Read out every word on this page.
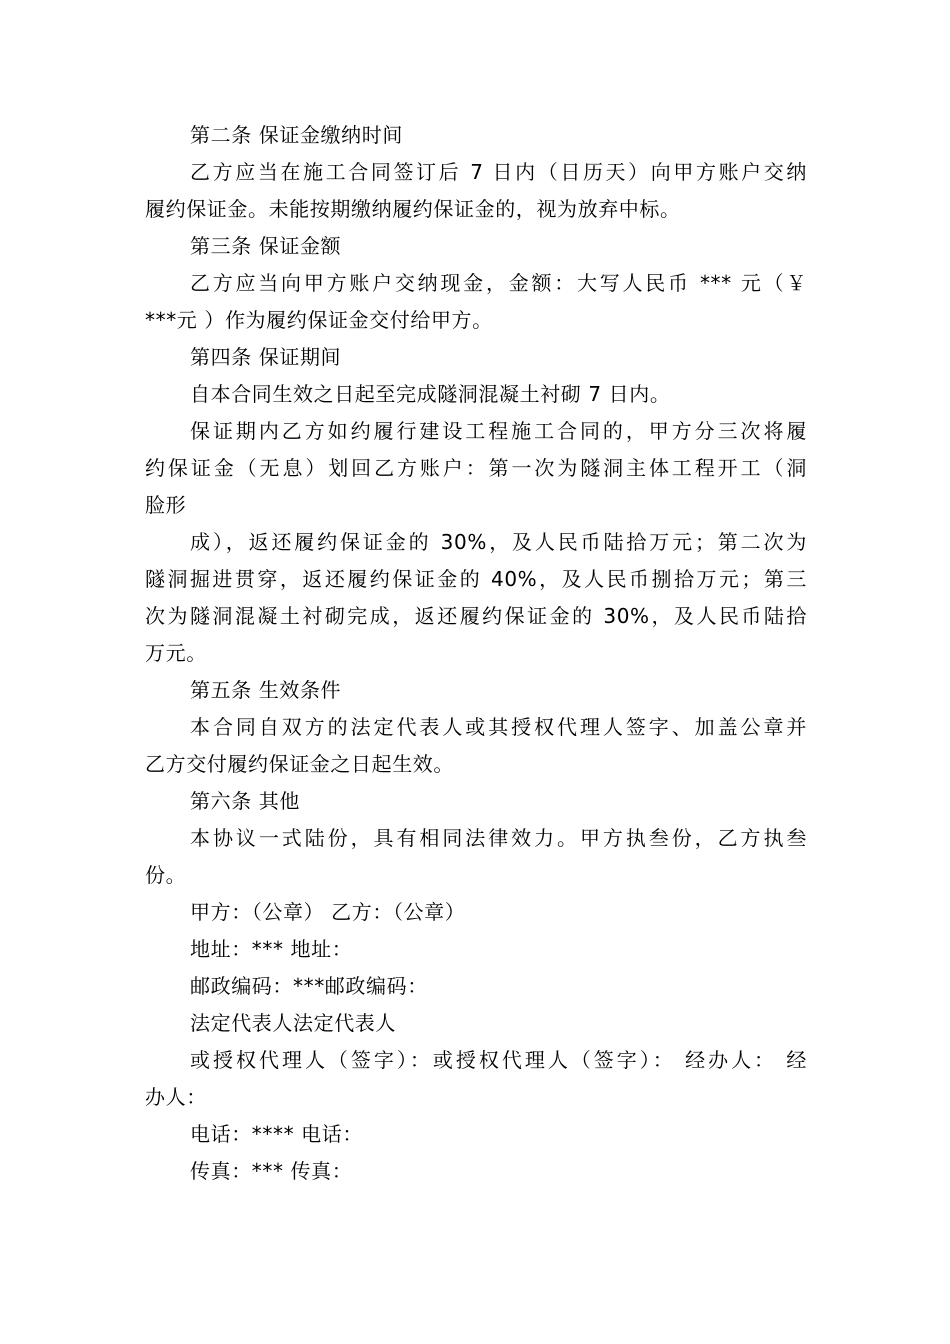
第二条 保证金缴纳时间
乙方应当在施工合同签订后 7 日内（日历天）向甲方账户交纳
履约保证金。未能按期缴纳履约保证金的，视为放弃中标。
第三条 保证金额
乙方应当向甲方账户交纳现金，金额：大写人民币 *** 元（￥
***元 ）作为履约保证金交付给甲方。
第四条 保证期间
自本合同生效之日起至完成隧洞混凝土衬砌 7 日内。
保证期内乙方如约履行建设工程施工合同的，甲方分三次将履
约保证金（无息）划回乙方账户：第一次为隧洞主体工程开工（洞
脸形
成），返还履约保证金的 30%，及人民币陆拾万元；第二次为
隧洞掘进贯穿，返还履约保证金的 40%，及人民币捌拾万元；第三
次为隧洞混凝土衬砌完成，返还履约保证金的 30%，及人民币陆拾
万元。
第五条 生效条件
本合同自双方的法定代表人或其授权代理人签字、加盖公章并
乙方交付履约保证金之日起生效。
第六条 其他
本协议一式陆份，具有相同法律效力。甲方执叁份，乙方执叁
份。
甲方：（公章） 乙方：（公章）
地址：*** 地址：
邮政编码：***邮政编码：
法定代表人法定代表人
或授权代理人（签字）：或授权代理人（签字）： 经办人： 经
办人：
电话：**** 电话：
传真：*** 传真：
